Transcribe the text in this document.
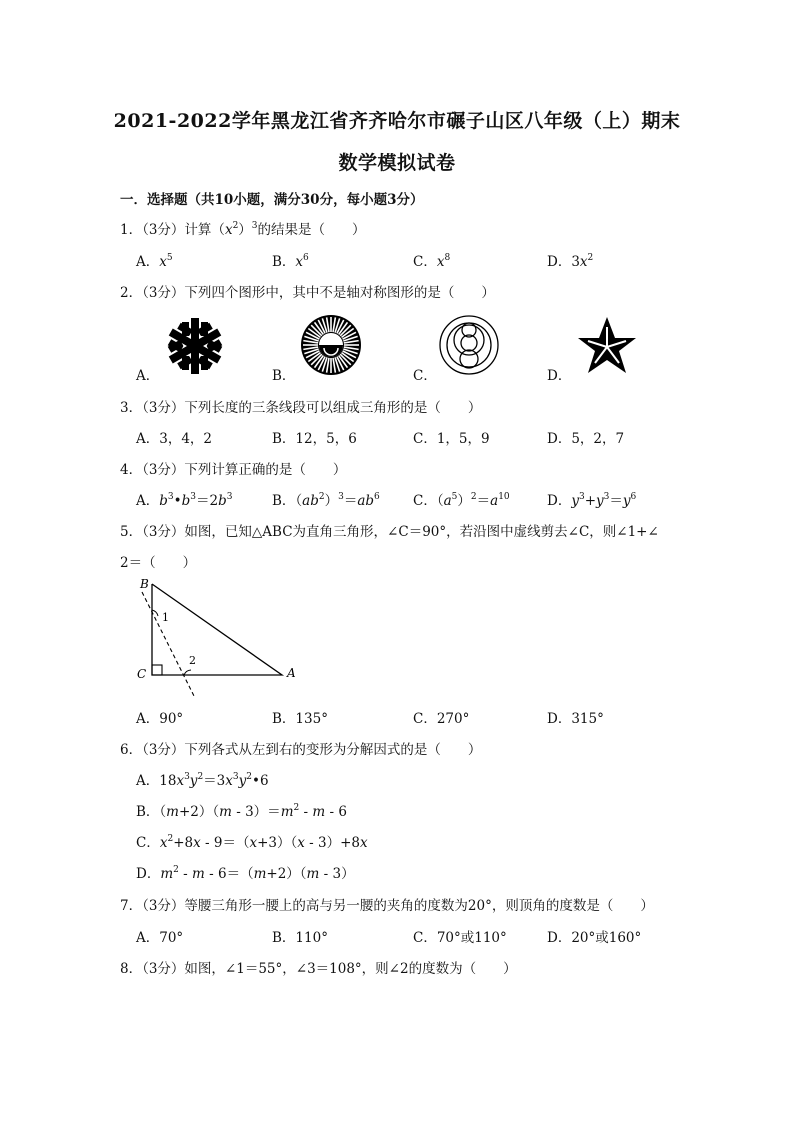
2021-2022学年黑龙江省齐齐哈尔市碾子山区八年级（上）期末
数学模拟试卷
一．选择题（共10小题，满分30分，每小题3分）
1．（3分）计算$(x^2)^3$的结果是（　　）
A．$x^5$	B．$x^6$	C．$x^8$	D．$3x^2$
2．（3分）下列四个图形中，其中不是轴对称图形的是（　　）
A．	B．	C．	D．
3．（3分）下列长度的三条线段可以组成三角形的是（　　）
A．3，4，2	B．12，5，6	C．1，5，9	D．5，2，7
4．（3分）下列计算正确的是（　　）
A．$b^3•b^3=2b^3$	B．$(ab^2)^3=ab^6$ C．$(a^5)^2=a^{10}$	D．$y^3+y^3=y^6$
5．（3分）如图，已知△ABC为直角三角形，∠C＝90°，若沿图中虚线剪去∠C，则∠1+∠
2＝（　　）
B
C	A
1
2
A．90°	B．135°	C．270°	D．315°
6．（3分）下列各式从左到右的变形为分解因式的是（　　）
A．$18x^3y^2=3x^3y^2•6$
B．$(m+2)(m - 3)=m^2 - m - 6$
C．$x^2+8x - 9=(x+3)(x - 3)+8x$
D．$m^2 - m - 6=(m+2)(m - 3)$
7．（3分）等腰三角形一腰上的高与另一腰的夹角的度数为20°，则顶角的度数是（　　）
A．70°	B．110°	C．70°或110°	D．20°或160°
8．（3分）如图，∠1＝55°，∠3＝108°，则∠2的度数为（　　）
